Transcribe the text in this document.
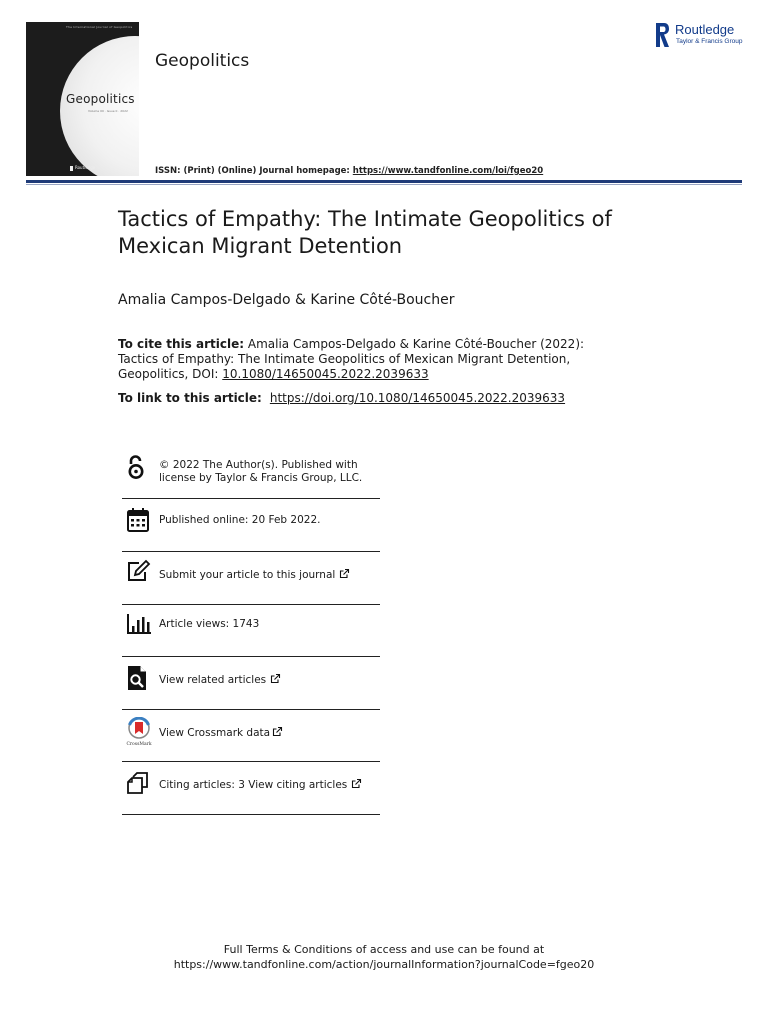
The International Journal of Geopolitics
Geopolitics
Volume 00 · Issue 0 · 2022
Routledge
Geopolitics
ISSN: (Print) (Online) Journal homepage: https://www.tandfonline.com/loi/fgeo20
Routledge
Taylor & Francis Group
Tactics of Empathy: The Intimate Geopolitics of Mexican Migrant Detention
Amalia Campos-Delgado & Karine Côté-Boucher
To cite this article: Amalia Campos-Delgado & Karine Côté-Boucher (2022): Tactics of Empathy: The Intimate Geopolitics of Mexican Migrant Detention, Geopolitics, DOI: 10.1080/14650045.2022.2039633
To link to this article:  https://doi.org/10.1080/14650045.2022.2039633
© 2022 The Author(s). Published with
license by Taylor & Francis Group, LLC.
Published online: 20 Feb 2022.
Submit your article to this journal
Article views: 1743
View related articles
CrossMark
View Crossmark data
Citing articles: 3 View citing articles
Full Terms & Conditions of access and use can be found at
https://www.tandfonline.com/action/journalInformation?journalCode=fgeo20
